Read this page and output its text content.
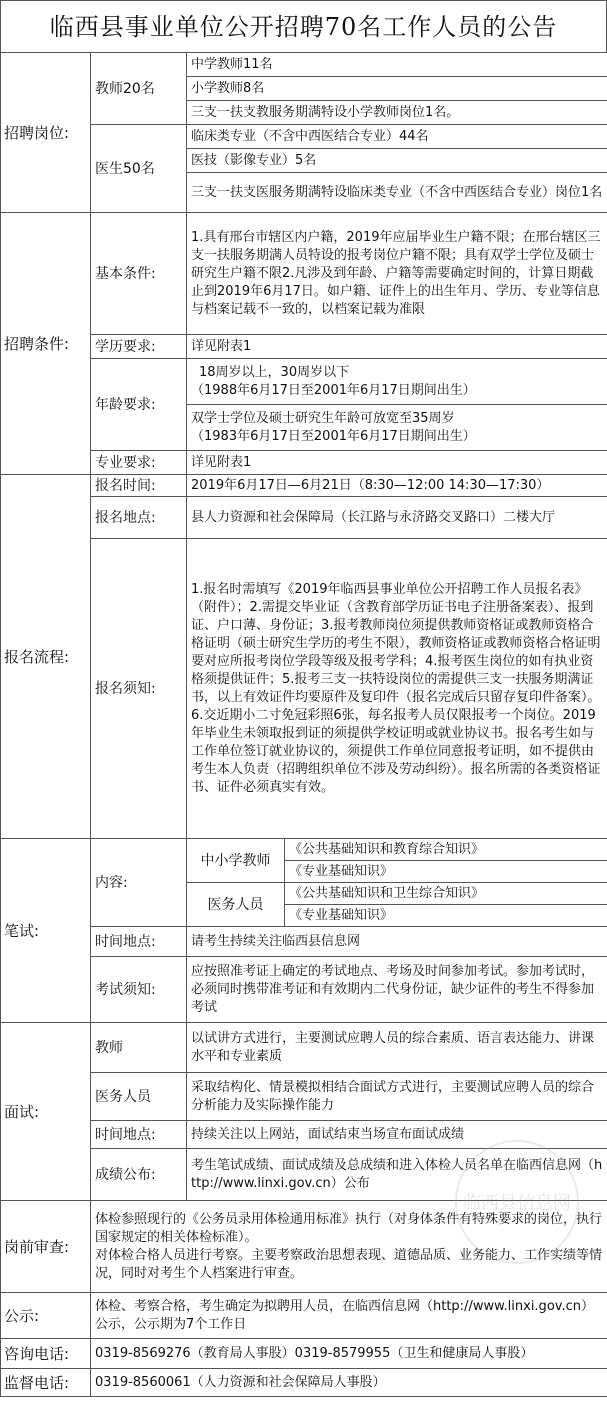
临西县事业单位公开招聘70名工作人员的公告
招聘岗位:	教师20名	中学教师11名	
		小学教师8名	
		三支一扶支教服务期满特设小学教师岗位1名。	
	医生50名	临床类专业（不含中西医结合专业）44名	
		医技（影像专业）5名	
		三支一扶支医服务期满特设临床类专业（不含中西医结合专业）岗位1名	

招聘条件:	基本条件:	1.具有邢台市辖区内户籍，2019年应届毕业生户籍不限；在邢台辖区三支一扶服务期满人员特设的报考岗位户籍不限；具有双学士学位及硕士研究生户籍不限2.凡涉及到年龄、户籍等需要确定时间的，计算日期截止到2019年6月17日。如户籍、证件上的出生年月、学历、专业等信息与档案记载不一致的，以档案记载为准限	
	学历要求:	详见附表1	
	年龄要求:	18周岁以上，30周岁以下
（1988年6月17日至2001年6月17日期间出生）	

		双学士学位及硕士研究生年龄可放宽至35周岁
（1983年6月17日至2001年6月17日期间出生）	

	专业要求:	详见附表1	
报名流程:	报名时间:	2019年6月17日—6月21日（8:30—12:00 14:30—17:30）	
	报名地点:	县人力资源和社会保障局（长江路与永济路交叉路口）二楼大厅	
	报名须知:	1.报名时需填写《2019年临西县事业单位公开招聘工作人员报名表》（附件）；2.需提交毕业证（含教育部学历证书电子注册备案表）、报到证、户口薄、身份证；3.报考教师岗位须提供教师资格证或教师资格合格证明（硕士研究生学历的考生不限），教师资格证或教师资格合格证明要对应所报考岗位学段等级及报考学科；4.报考医生岗位的如有执业资格须提供证件；5.报考三支一扶特设岗位的需提供三支一扶服务期满证书，以上有效证件均要原件及复印件（报名完成后只留存复印件备案）。6.交近期小二寸免冠彩照6张，每名报考人员仅限报考一个岗位。2019年毕业生未领取报到证的须提供学校证明或就业协议书。报名考生如与工作单位签订就业协议的，须提供工作单位同意报考证明，如不提供由考生本人负责（招聘组织单位不涉及劳动纠纷）。报名所需的各类资格证书、证件必须真实有效。	
笔试:	内容:	中小学教师	《公共基础知识和教育综合知识》
			《专业基础知识》
		医务人员	《公共基础知识和卫生综合知识》
			《专业基础知识》
	时间地点:	请考生持续关注临西县信息网	
	考试须知:	应按照准考证上确定的考试地点、考场及时间参加考试。参加考试时，必须同时携带准考证和有效期内二代身份证，缺少证件的考生不得参加考试	
面试:	教师	以试讲方式进行，主要测试应聘人员的综合素质、语言表达能力、讲课水平和专业素质	
	医务人员	采取结构化、情景模拟相结合面试方式进行，主要测试应聘人员的综合分析能力及实际操作能力	
	时间地点:	持续关注以上网站，面试结束当场宣布面试成绩	
	成绩公布:	考生笔试成绩、面试成绩及总成绩和进入体检人员名单在临西信息网（http://www.linxi.gov.cn）公布	
岗前审查:	体检参照现行的《公务员录用体检通用标准》执行（对身体条件有特殊要求的岗位，执行国家规定的相关体检标准）。
对体检合格人员进行考察。主要考察政治思想表现、道德品质、业务能力、工作实绩等情况，同时对考生个人档案进行审查。		

公示:	体检、考察合格，考生确定为拟聘用人员，在临西信息网（http://www.linxi.gov.cn）公示，公示期为7个工作日		
咨询电话:	0319-8569276（教育局人事股）0319-8579955（卫生和健康局人事股）		
监督电话:	0319-8560061（人力资源和社会保障局人事股）		
临西县信息网
